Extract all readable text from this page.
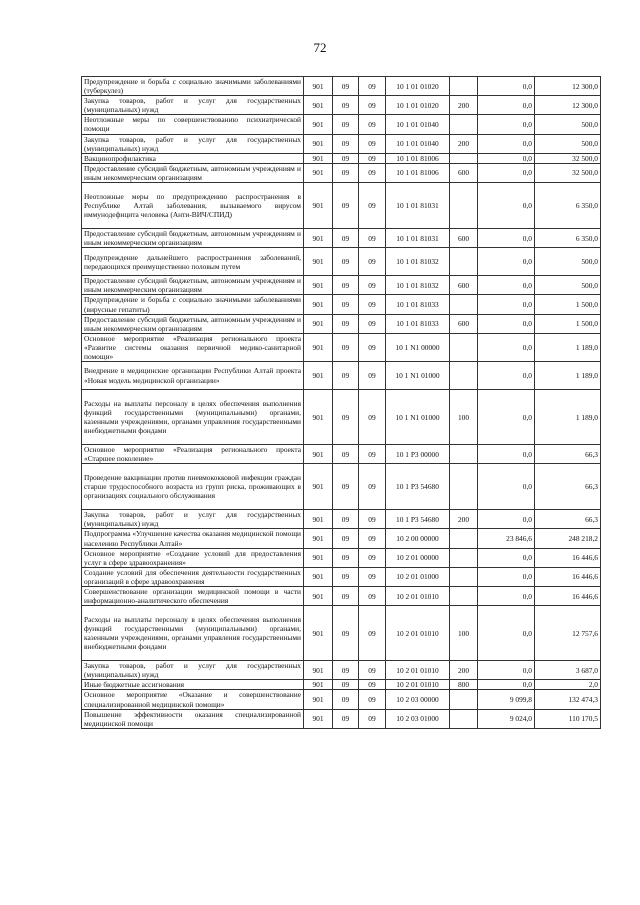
72
Предупреждение и борьба с социально значимыми заболеваниями (туберкулез)	901	09	09	10 1 01 01020		0,0	12 300,0
Закупка товаров, работ и услуг для государственных (муниципальных) нужд	901	09	09	10 1 01 01020	200	0,0	12 300,0
Неотложные меры по совершенствованию психиатрической помощи	901	09	09	10 1 01 01040		0,0	500,0
Закупка товаров, работ и услуг для государственных (муниципальных) нужд	901	09	09	10 1 01 01040	200	0,0	500,0
Вакцинопрофилактика	901	09	09	10 1 01 81006		0,0	32 500,0
Предоставление субсидий бюджетным, автономным учреждениям и иным некоммерческим организациям	901	09	09	10 1 01 81006	600	0,0	32 500,0
Неотложные меры по предупреждению распространения в Республике Алтай заболевания, вызываемого вирусом иммунодефицита человека (Анти-ВИЧ/СПИД)	901	09	09	10 1 01 81031		0,0	6 350,0
Предоставление субсидий бюджетным, автономным учреждениям и иным некоммерческим организациям	901	09	09	10 1 01 81031	600	0,0	6 350,0
Предупреждение дальнейшего распространения заболеваний, передающихся преимущественно половым путем	901	09	09	10 1 01 81032		0,0	500,0
Предоставление субсидий бюджетным, автономным учреждениям и иным некоммерческим организациям	901	09	09	10 1 01 81032	600	0,0	500,0
Предупреждение и борьба с социально значимыми заболеваниями (вирусные гепатиты)	901	09	09	10 1 01 81033		0,0	1 500,0
Предоставление субсидий бюджетным, автономным учреждениям и иным некоммерческим организациям	901	09	09	10 1 01 81033	600	0,0	1 500,0
Основное мероприятие «Реализация регионального проекта «Развитие системы оказания первичной медико-санитарной помощи»	901	09	09	10 1 N1 00000		0,0	1 189,0
Внедрение в медицинские организации Республики Алтай проекта «Новая модель медицинской организации»	901	09	09	10 1 N1 01000		0,0	1 189,0
Расходы на выплаты персоналу в целях обеспечения выполнения функций государственными (муниципальными) органами, казенными учреждениями, органами управления государственными внебюджетными фондами	901	09	09	10 1 N1 01000	100	0,0	1 189,0
Основное мероприятие «Реализация регионального проекта «Старшее поколение»	901	09	09	10 1 P3 00000		0,0	66,3
Проведение вакцинации против пневмококковой инфекции граждан старше трудоспособного возраста из групп риска, проживающих в организациях социального обслуживания	901	09	09	10 1 P3 54680		0,0	66,3
Закупка товаров, работ и услуг для государственных (муниципальных) нужд	901	09	09	10 1 P3 54680	200	0,0	66,3
Подпрограмма «Улучшение качества оказания медицинской помощи населению Республики Алтай»	901	09	09	10 2 00 00000		23 846,6	248 218,2
Основное мероприятие «Создание условий для предоставления услуг в сфере здравоохранения»	901	09	09	10 2 01 00000		0,0	16 446,6
Создание условий для обеспечения деятельности государственных организаций в сфере здравоохранения	901	09	09	10 2 01 01000		0,0	16 446,6
Совершенствование организации медицинской помощи в части информационно-аналитического обеспечения	901	09	09	10 2 01 01010		0,0	16 446,6
Расходы на выплаты персоналу в целях обеспечения выполнения функций государственными (муниципальными) органами, казенными учреждениями, органами управления государственными внебюджетными фондами	901	09	09	10 2 01 01010	100	0,0	12 757,6
Закупка товаров, работ и услуг для государственных (муниципальных) нужд	901	09	09	10 2 01 01010	200	0,0	3 687,0
Иные бюджетные ассигнования	901	09	09	10 2 01 01010	800	0,0	2,0
Основное мероприятие «Оказание и совершенствование специализированной медицинской помощи»	901	09	09	10 2 03 00000		9 099,8	132 474,3
Повышение эффективности оказания специализированной медицинской помощи	901	09	09	10 2 03 01000		9 024,0	110 170,5
